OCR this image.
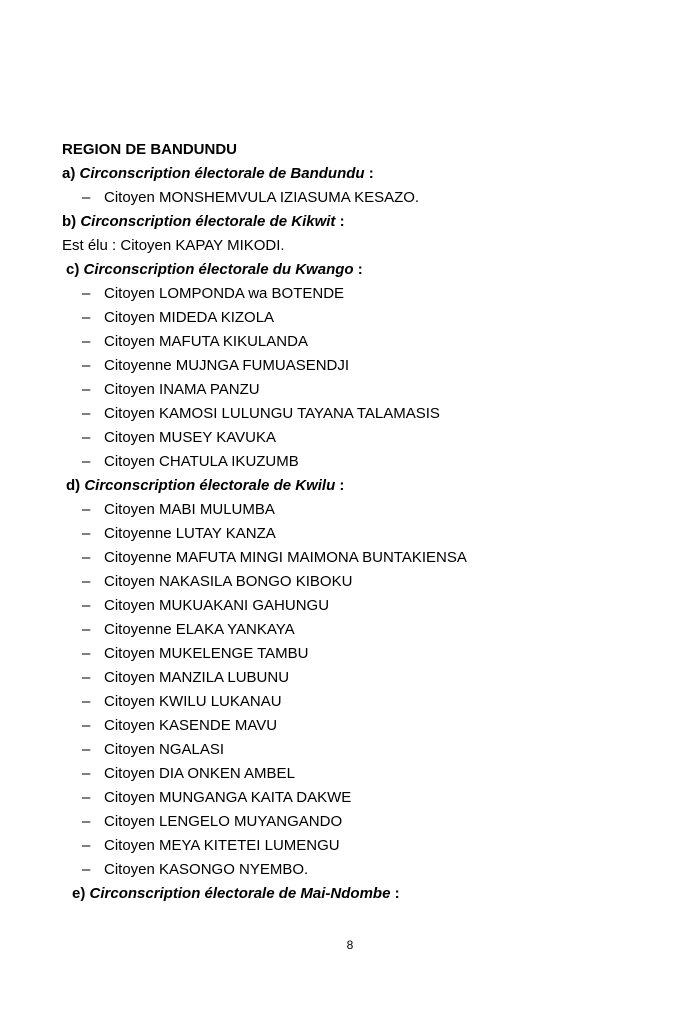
REGION DE BANDUNDU
a) Circonscription électorale de Bandundu :
– Citoyen MONSHEMVULA IZIASUMA KESAZO.
b) Circonscription électorale de Kikwit :
Est élu : Citoyen KAPAY MIKODI.
c) Circonscription électorale du Kwango :
– Citoyen LOMPONDA wa BOTENDE
– Citoyen MIDEDA KIZOLA
– Citoyen MAFUTA KIKULANDA
– Citoyenne MUJNGA FUMUASENDJI
– Citoyen INAMA PANZU
– Citoyen KAMOSI LULUNGU TAYANA TALAMASIS
– Citoyen MUSEY KAVUKA
– Citoyen CHATULA IKUZUMB
d) Circonscription électorale de Kwilu :
– Citoyen MABI MULUMBA
– Citoyenne LUTAY KANZA
– Citoyenne MAFUTA MINGI MAIMONA BUNTAKIENSA
– Citoyen NAKASILA BONGO KIBOKU
– Citoyen MUKUAKANI GAHUNGU
– Citoyenne ELAKA YANKAYA
– Citoyen MUKELENGE TAMBU
– Citoyen MANZILA LUBUNU
– Citoyen KWILU LUKANAU
– Citoyen KASENDE MAVU
– Citoyen NGALASI
– Citoyen DIA ONKEN AMBEL
– Citoyen MUNGANGA KAITA DAKWE
– Citoyen LENGELO MUYANGANDO
– Citoyen MEYA KITETEI LUMENGU
– Citoyen KASONGO NYEMBO.
e) Circonscription électorale de Mai-Ndombe :
8
